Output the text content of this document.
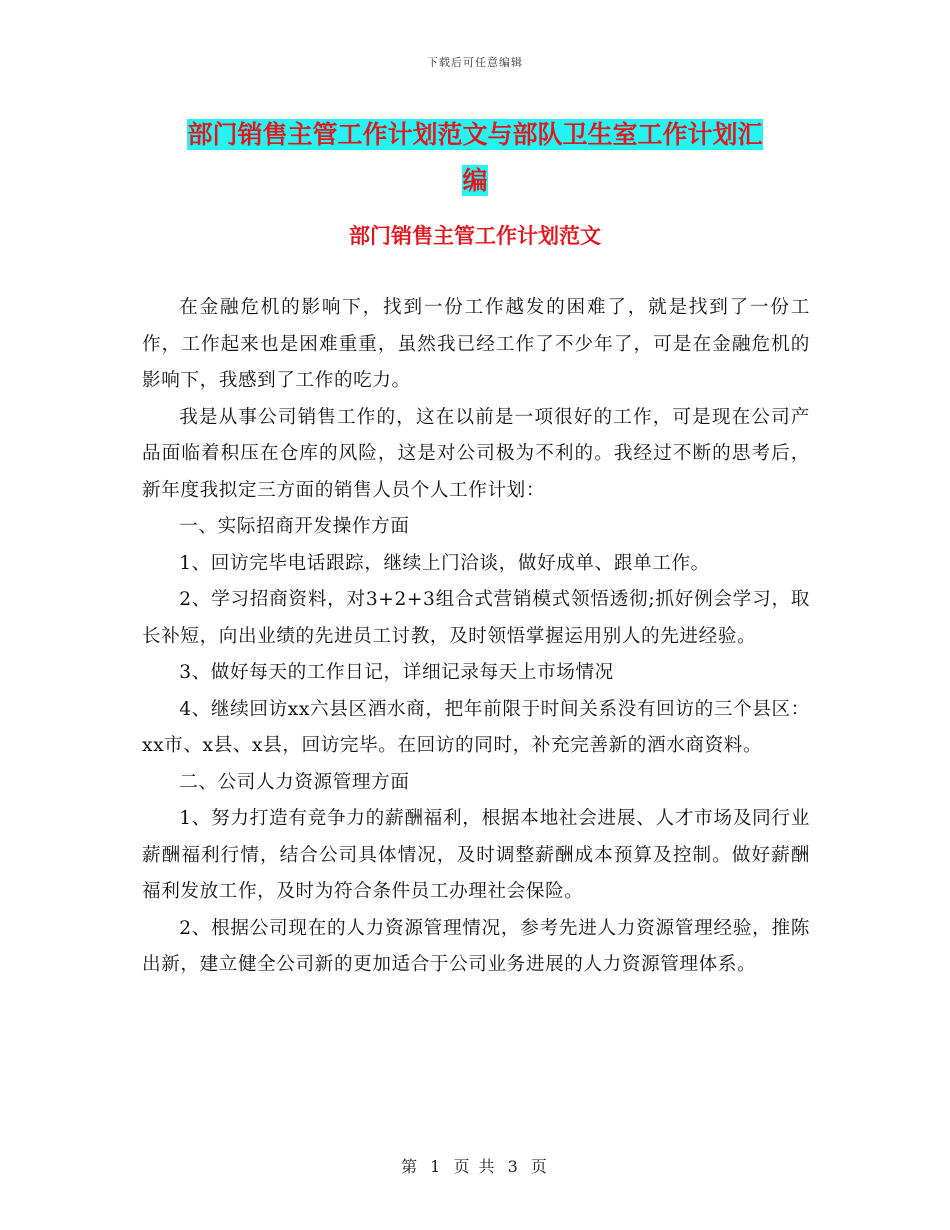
下载后可任意编辑
部门销售主管工作计划范文与部队卫生室工作计划汇
编
部门销售主管工作计划范文

在金融危机的影响下，找到一份工作越发的困难了，就是找到了一份工作，工作起来也是困难重重，虽然我已经工作了不少年了，可是在金融危机的影响下，我感到了工作的吃力。

我是从事公司销售工作的，这在以前是一项很好的工作，可是现在公司产品面临着积压在仓库的风险，这是对公司极为不利的。我经过不断的思考后，新年度我拟定三方面的销售人员个人工作计划：

一、实际招商开发操作方面

1、回访完毕电话跟踪，继续上门洽谈，做好成单、跟单工作。

2、学习招商资料，对3+2+3组合式营销模式领悟透彻;抓好例会学习，取长补短，向出业绩的先进员工讨教，及时领悟掌握运用别人的先进经验。

3、做好每天的工作日记，详细记录每天上市场情况

4、继续回访xx六县区酒水商，把年前限于时间关系没有回访的三个县区：xx市、x县、x县，回访完毕。在回访的同时，补充完善新的酒水商资料。

二、公司人力资源管理方面

1、努力打造有竞争力的薪酬福利，根据本地社会进展、人才市场及同行业薪酬福利行情，结合公司具体情况，及时调整薪酬成本预算及控制。做好薪酬福利发放工作，及时为符合条件员工办理社会保险。

2、根据公司现在的人力资源管理情况，参考先进人力资源管理经验，推陈出新，建立健全公司新的更加适合于公司业务进展的人力资源管理体系。

第 1 页 共 3 页
